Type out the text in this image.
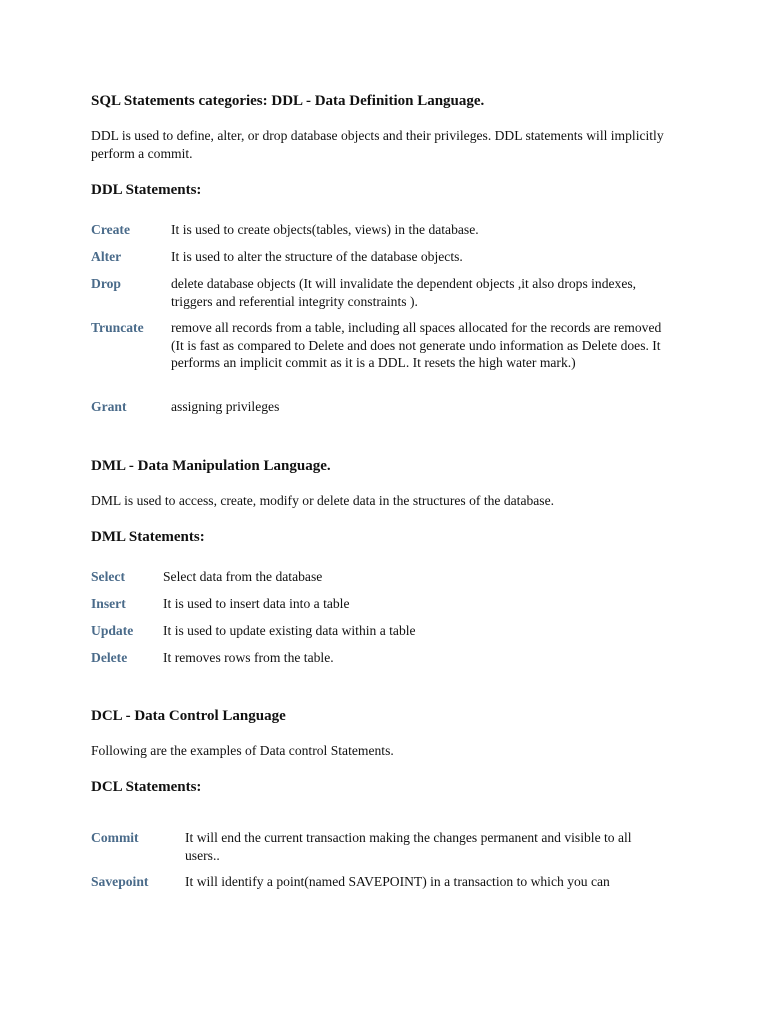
SQL Statements categories: DDL - Data Definition Language.

DDL is used to define, alter, or drop database objects and their privileges. DDL statements will implicitly perform a commit.

DDL Statements:
Create	It is used to create objects(tables, views) in the database.
Alter	It is used to alter the structure of the database objects.
Drop	delete database objects (It will invalidate the dependent objects ,it also drops indexes, triggers and referential integrity constraints ).
Truncate remove all records from a table, including all spaces allocated for the records are removed (It is fast as compared to Delete and does not generate undo information as Delete does. It performs an implicit commit as it is a DDL. It resets the high water mark.)
Grant	assigning privileges
DML - Data Manipulation Language.

DML is used to access, create, modify or delete data in the structures of the database.

DML Statements:
Select	Select data from the database
Insert	It is used to insert data into a table
Update It is used to update existing data within a table
Delete	It removes rows from the table.
DCL - Data Control Language

Following are the examples of Data control Statements.

DCL Statements:
Commit	It will end the current transaction making the changes permanent and visible to all users..
Savepoint	It will identify a point(named SAVEPOINT) in a transaction to which you can
